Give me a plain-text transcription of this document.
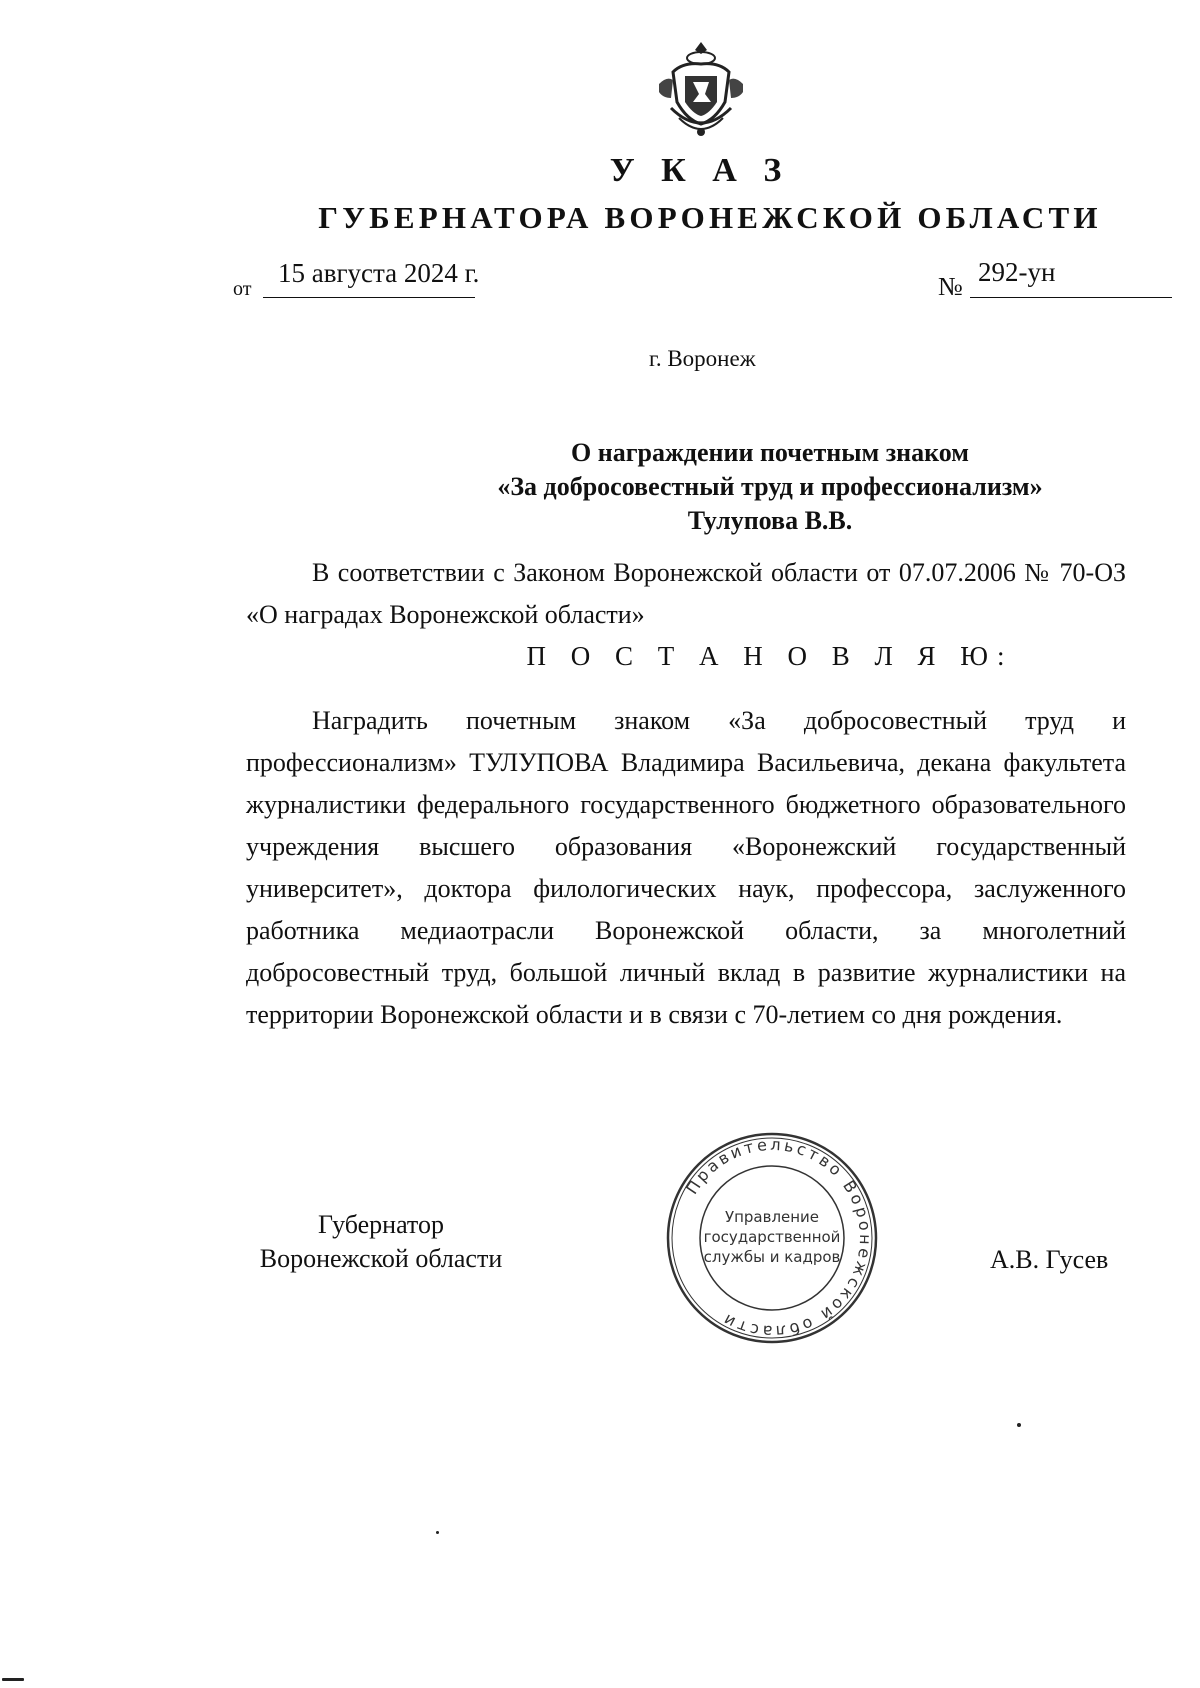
У К А З
ГУБЕРНАТОРА ВОРОНЕЖСКОЙ ОБЛАСТИ
от
15 августа 2024 г.	№ 292-ун
г. Воронеж
О награждении почетным знаком
«За добросовестный труд и профессионализм»
Тулупова В.В.
В соответствии с Законом Воронежской области от 07.07.2006 № 70-ОЗ «О наградах Воронежской области»
П О С Т А Н О В Л Я Ю:
Наградить почетным знаком «За добросовестный труд и профессионализм» ТУЛУПОВА Владимира Васильевича, декана факультета журналистики федерального государственного бюджетного образовательного учреждения высшего образования «Воронежский государственный университет», доктора филологических наук, профессора, заслуженного работника медиаотрасли Воронежской области, за многолетний добросовестный труд, большой личный вклад в развитие журналистики на территории Воронежской области и в связи с 70-летием со дня рождения.
Губернатор
Воронежской области
Правительство Воронежской области
Управление
государственной
службы и кадров	А.В. Гусев
